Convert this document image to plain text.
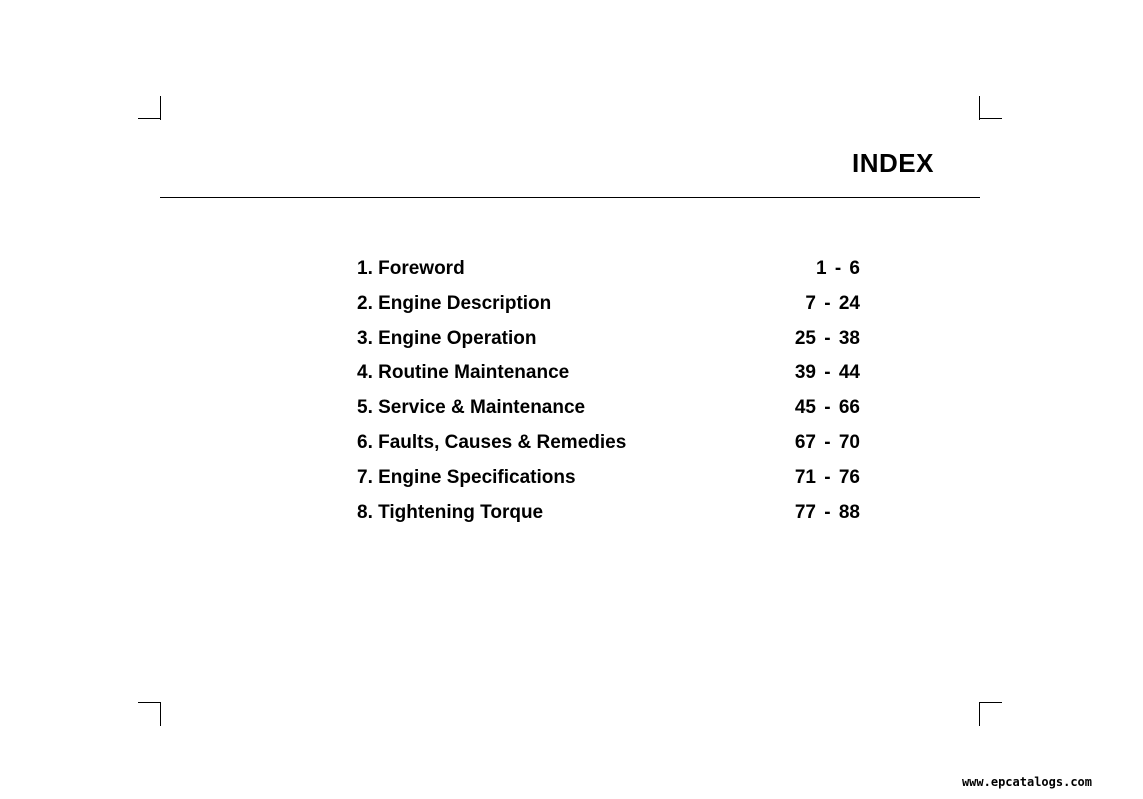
INDEX
1. Foreword	1 - 6
2. Engine Description	7 - 24
3. Engine Operation	25 - 38
4. Routine Maintenance	39 - 44
5. Service & Maintenance	45 - 66
6. Faults, Causes & Remedies	67 - 70
7. Engine Specifications	71 - 76
8. Tightening Torque	77 - 88
www.epcatalogs.com
